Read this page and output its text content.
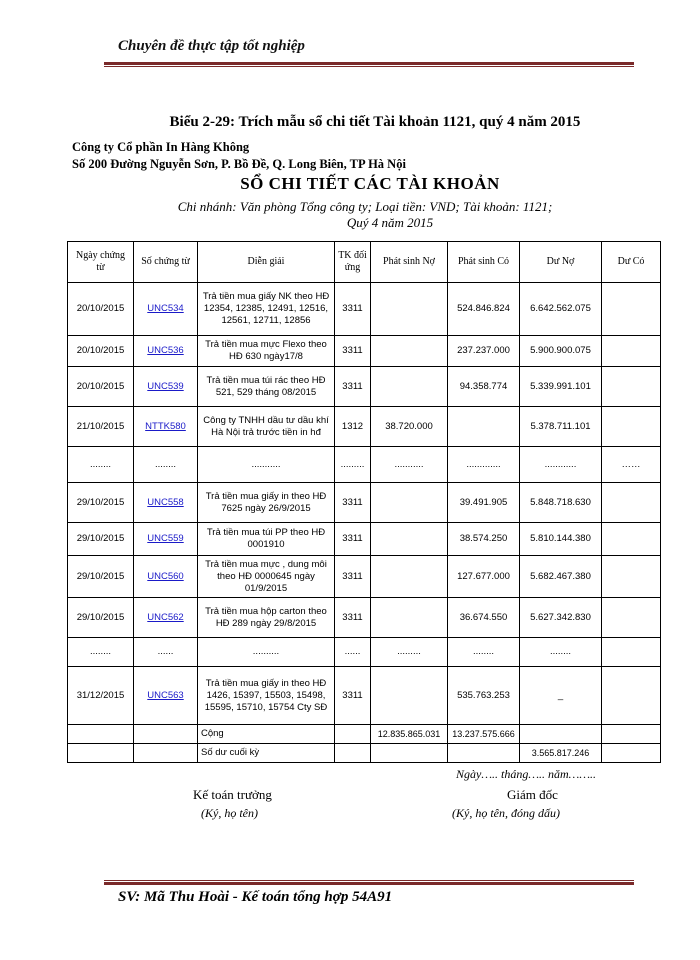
Chuyên đề thực tập tốt nghiệp
Biểu 2-29: Trích mẫu sổ chi tiết Tài khoản 1121, quý 4 năm 2015
Công ty Cổ phần In Hàng Không
Số 200 Đường Nguyễn Sơn, P. Bồ Đề, Q. Long Biên, TP Hà Nội
SỔ CHI TIẾT CÁC TÀI KHOẢN
Chi nhánh: Văn phòng Tổng công ty; Loại tiền: VND; Tài khoản: 1121;
Quý 4 năm 2015
Ngày chứng từ	Số chứng từ	Diễn giải	TK đối ứng	Phát sinh Nợ	Phát sinh Có	Dư Nợ	Dư Có
20/10/2015	UNC534	Trả tiền mua giấy NK theo HĐ 12354, 12385, 12491, 12516, 12561, 12711, 12856	3311		524.846.824	6.642.562.075	
20/10/2015	UNC536	Trả tiền mua mực Flexo theo HĐ 630 ngày17/8	3311		237.237.000	5.900.900.075	
20/10/2015	UNC539	Trả tiền mua túi rác theo HĐ 521, 529 tháng 08/2015	3311		94.358.774	5.339.991.101	
21/10/2015	NTTK580	Công ty TNHH dầu tư dầu khí Hà Nội trả trước tiền in hđ	1312	38.720.000		5.378.711.101	
........	........	...........	.........	...........	.............	............	……
29/10/2015	UNC558	Trả tiền mua giấy in theo HĐ 7625 ngày 26/9/2015	3311		39.491.905	5.848.718.630	
29/10/2015	UNC559	Trả tiền mua túi PP theo HĐ 0001910	3311		38.574.250	5.810.144.380	
29/10/2015	UNC560	Trả tiền mua mực , dung môi theo HĐ 0000645 ngày 01/9/2015	3311		127.677.000	5.682.467.380	
29/10/2015	UNC562	Trả tiền mua hộp carton theo HĐ 289 ngày 29/8/2015	3311		36.674.550	5.627.342.830	
........	......	..........	......	.........	........	........	
31/12/2015	UNC563	Trả tiền mua giấy in theo HĐ 1426, 15397, 15503, 15498, 15595, 15710, 15754 Cty SĐ	3311		535.763.253	_	
		Cộng		12.835.865.031	13.237.575.666		
		Số dư cuối kỳ				3.565.817.246	
Ngày….. tháng….. năm……..
Kế toán trưởng
(Ký, họ tên)
Giám đốc
(Ký, họ tên, đóng dấu)
SV: Mã Thu Hoài - Kế toán tổng hợp 54A91
